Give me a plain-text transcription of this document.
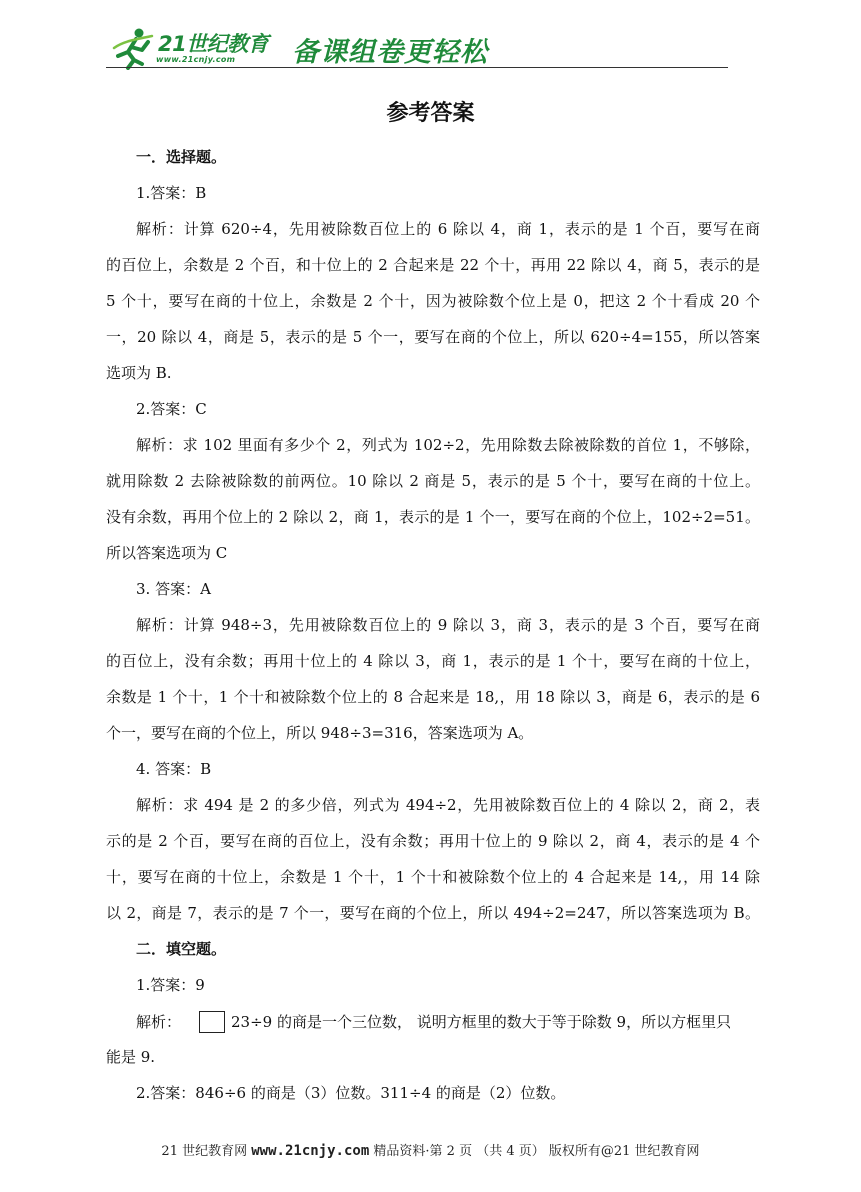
21世纪教育
www.21cnjy.com 备课组卷更轻松
参考答案
一．选择题。
1.答案：B
解析：计算 620÷4，先用被除数百位上的 6 除以 4，商 1，表示的是 1 个百，要写在商
的百位上，余数是 2 个百，和十位上的 2 合起来是 22 个十，再用 22 除以 4，商 5，表示的是
5 个十，要写在商的十位上，余数是 2 个十，因为被除数个位上是 0，把这 2 个十看成 20 个
一，20 除以 4，商是 5，表示的是 5 个一，要写在商的个位上，所以 620÷4=155，所以答案
选项为 B.
2.答案：C
解析：求 102 里面有多少个 2，列式为 102÷2，先用除数去除被除数的首位 1，不够除，
就用除数 2 去除被除数的前两位。10 除以 2 商是 5，表示的是 5 个十，要写在商的十位上。
没有余数，再用个位上的 2 除以 2，商 1，表示的是 1 个一，要写在商的个位上，102÷2=51。
所以答案选项为 C
3. 答案：A
解析：计算 948÷3，先用被除数百位上的 9 除以 3，商 3，表示的是 3 个百，要写在商
的百位上，没有余数；再用十位上的 4 除以 3，商 1，表示的是 1 个十，要写在商的十位上，
余数是 1 个十，1 个十和被除数个位上的 8 合起来是 18,，用 18 除以 3，商是 6，表示的是 6
个一，要写在商的个位上，所以 948÷3=316，答案选项为 A。
4. 答案：B
解析：求 494 是 2 的多少倍，列式为 494÷2，先用被除数百位上的 4 除以 2，商 2，表
示的是 2 个百，要写在商的百位上，没有余数；再用十位上的 9 除以 2，商 4，表示的是 4 个
十，要写在商的十位上，余数是 1 个十，1 个十和被除数个位上的 4 合起来是 14,，用 14 除
以 2，商是 7，表示的是 7 个一，要写在商的个位上，所以 494÷2=247，所以答案选项为 B。
二．填空题。
1.答案：9
解析：	23÷9 的商是一个三位数， 说明方框里的数大于等于除数 9，所以方框里只
能是 9.
2.答案：846÷6 的商是（3）位数。311÷4 的商是（2）位数。
21 世纪教育网 www.21cnjy.com 精品资料·第 2 页 （共 4 页） 版权所有@21 世纪教育网
